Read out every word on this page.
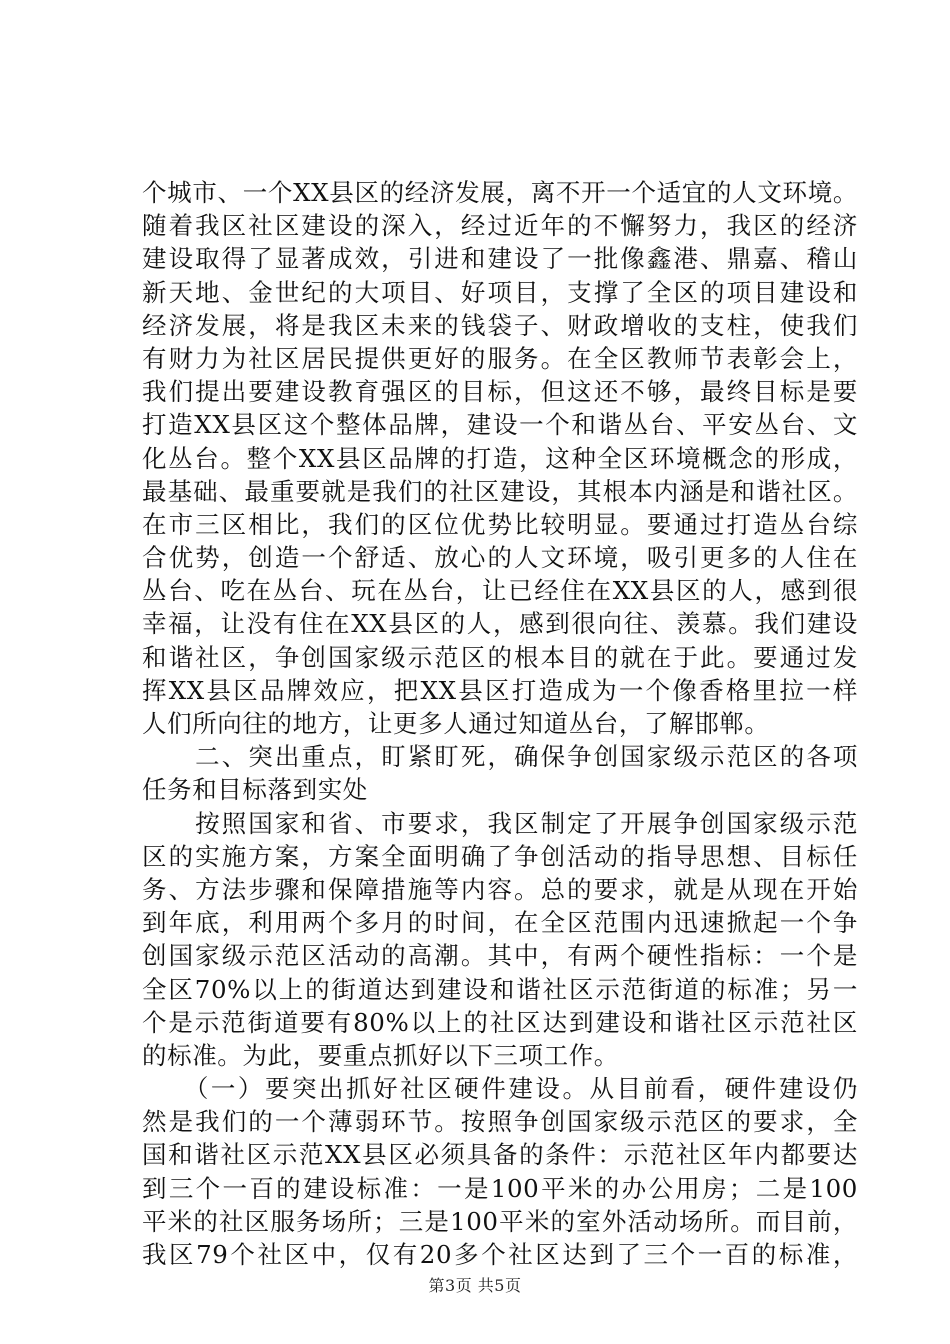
个城市、一个XX县区的经济发展，离不开一个适宜的人文环境。
随着我区社区建设的深入，经过近年的不懈努力，我区的经济
建设取得了显著成效，引进和建设了一批像鑫港、鼎嘉、稽山
新天地、金世纪的大项目、好项目，支撑了全区的项目建设和
经济发展，将是我区未来的钱袋子、财政增收的支柱，使我们
有财力为社区居民提供更好的服务。在全区教师节表彰会上，
我们提出要建设教育强区的目标，但这还不够，最终目标是要
打造XX县区这个整体品牌，建设一个和谐丛台、平安丛台、文
化丛台。整个XX县区品牌的打造，这种全区环境概念的形成，
最基础、最重要就是我们的社区建设，其根本内涵是和谐社区。
在市三区相比，我们的区位优势比较明显。要通过打造丛台综
合优势，创造一个舒适、放心的人文环境，吸引更多的人住在
丛台、吃在丛台、玩在丛台，让已经住在XX县区的人，感到很
幸福，让没有住在XX县区的人，感到很向往、羡慕。我们建设
和谐社区，争创国家级示范区的根本目的就在于此。要通过发
挥XX县区品牌效应，把XX县区打造成为一个像香格里拉一样
人们所向往的地方，让更多人通过知道丛台，了解邯郸。
　　二、突出重点，盯紧盯死，确保争创国家级示范区的各项
任务和目标落到实处
　　按照国家和省、市要求，我区制定了开展争创国家级示范
区的实施方案，方案全面明确了争创活动的指导思想、目标任
务、方法步骤和保障措施等内容。总的要求，就是从现在开始
到年底，利用两个多月的时间，在全区范围内迅速掀起一个争
创国家级示范区活动的高潮。其中，有两个硬性指标：一个是
全区70%以上的街道达到建设和谐社区示范街道的标准；另一
个是示范街道要有80%以上的社区达到建设和谐社区示范社区
的标准。为此，要重点抓好以下三项工作。
　　（一）要突出抓好社区硬件建设。从目前看，硬件建设仍
然是我们的一个薄弱环节。按照争创国家级示范区的要求，全
国和谐社区示范XX县区必须具备的条件：示范社区年内都要达
到三个一百的建设标准：一是100平米的办公用房；二是100
平米的社区服务场所；三是100平米的室外活动场所。而目前，
我区79个社区中，仅有20多个社区达到了三个一百的标准，
第3页 共5页
